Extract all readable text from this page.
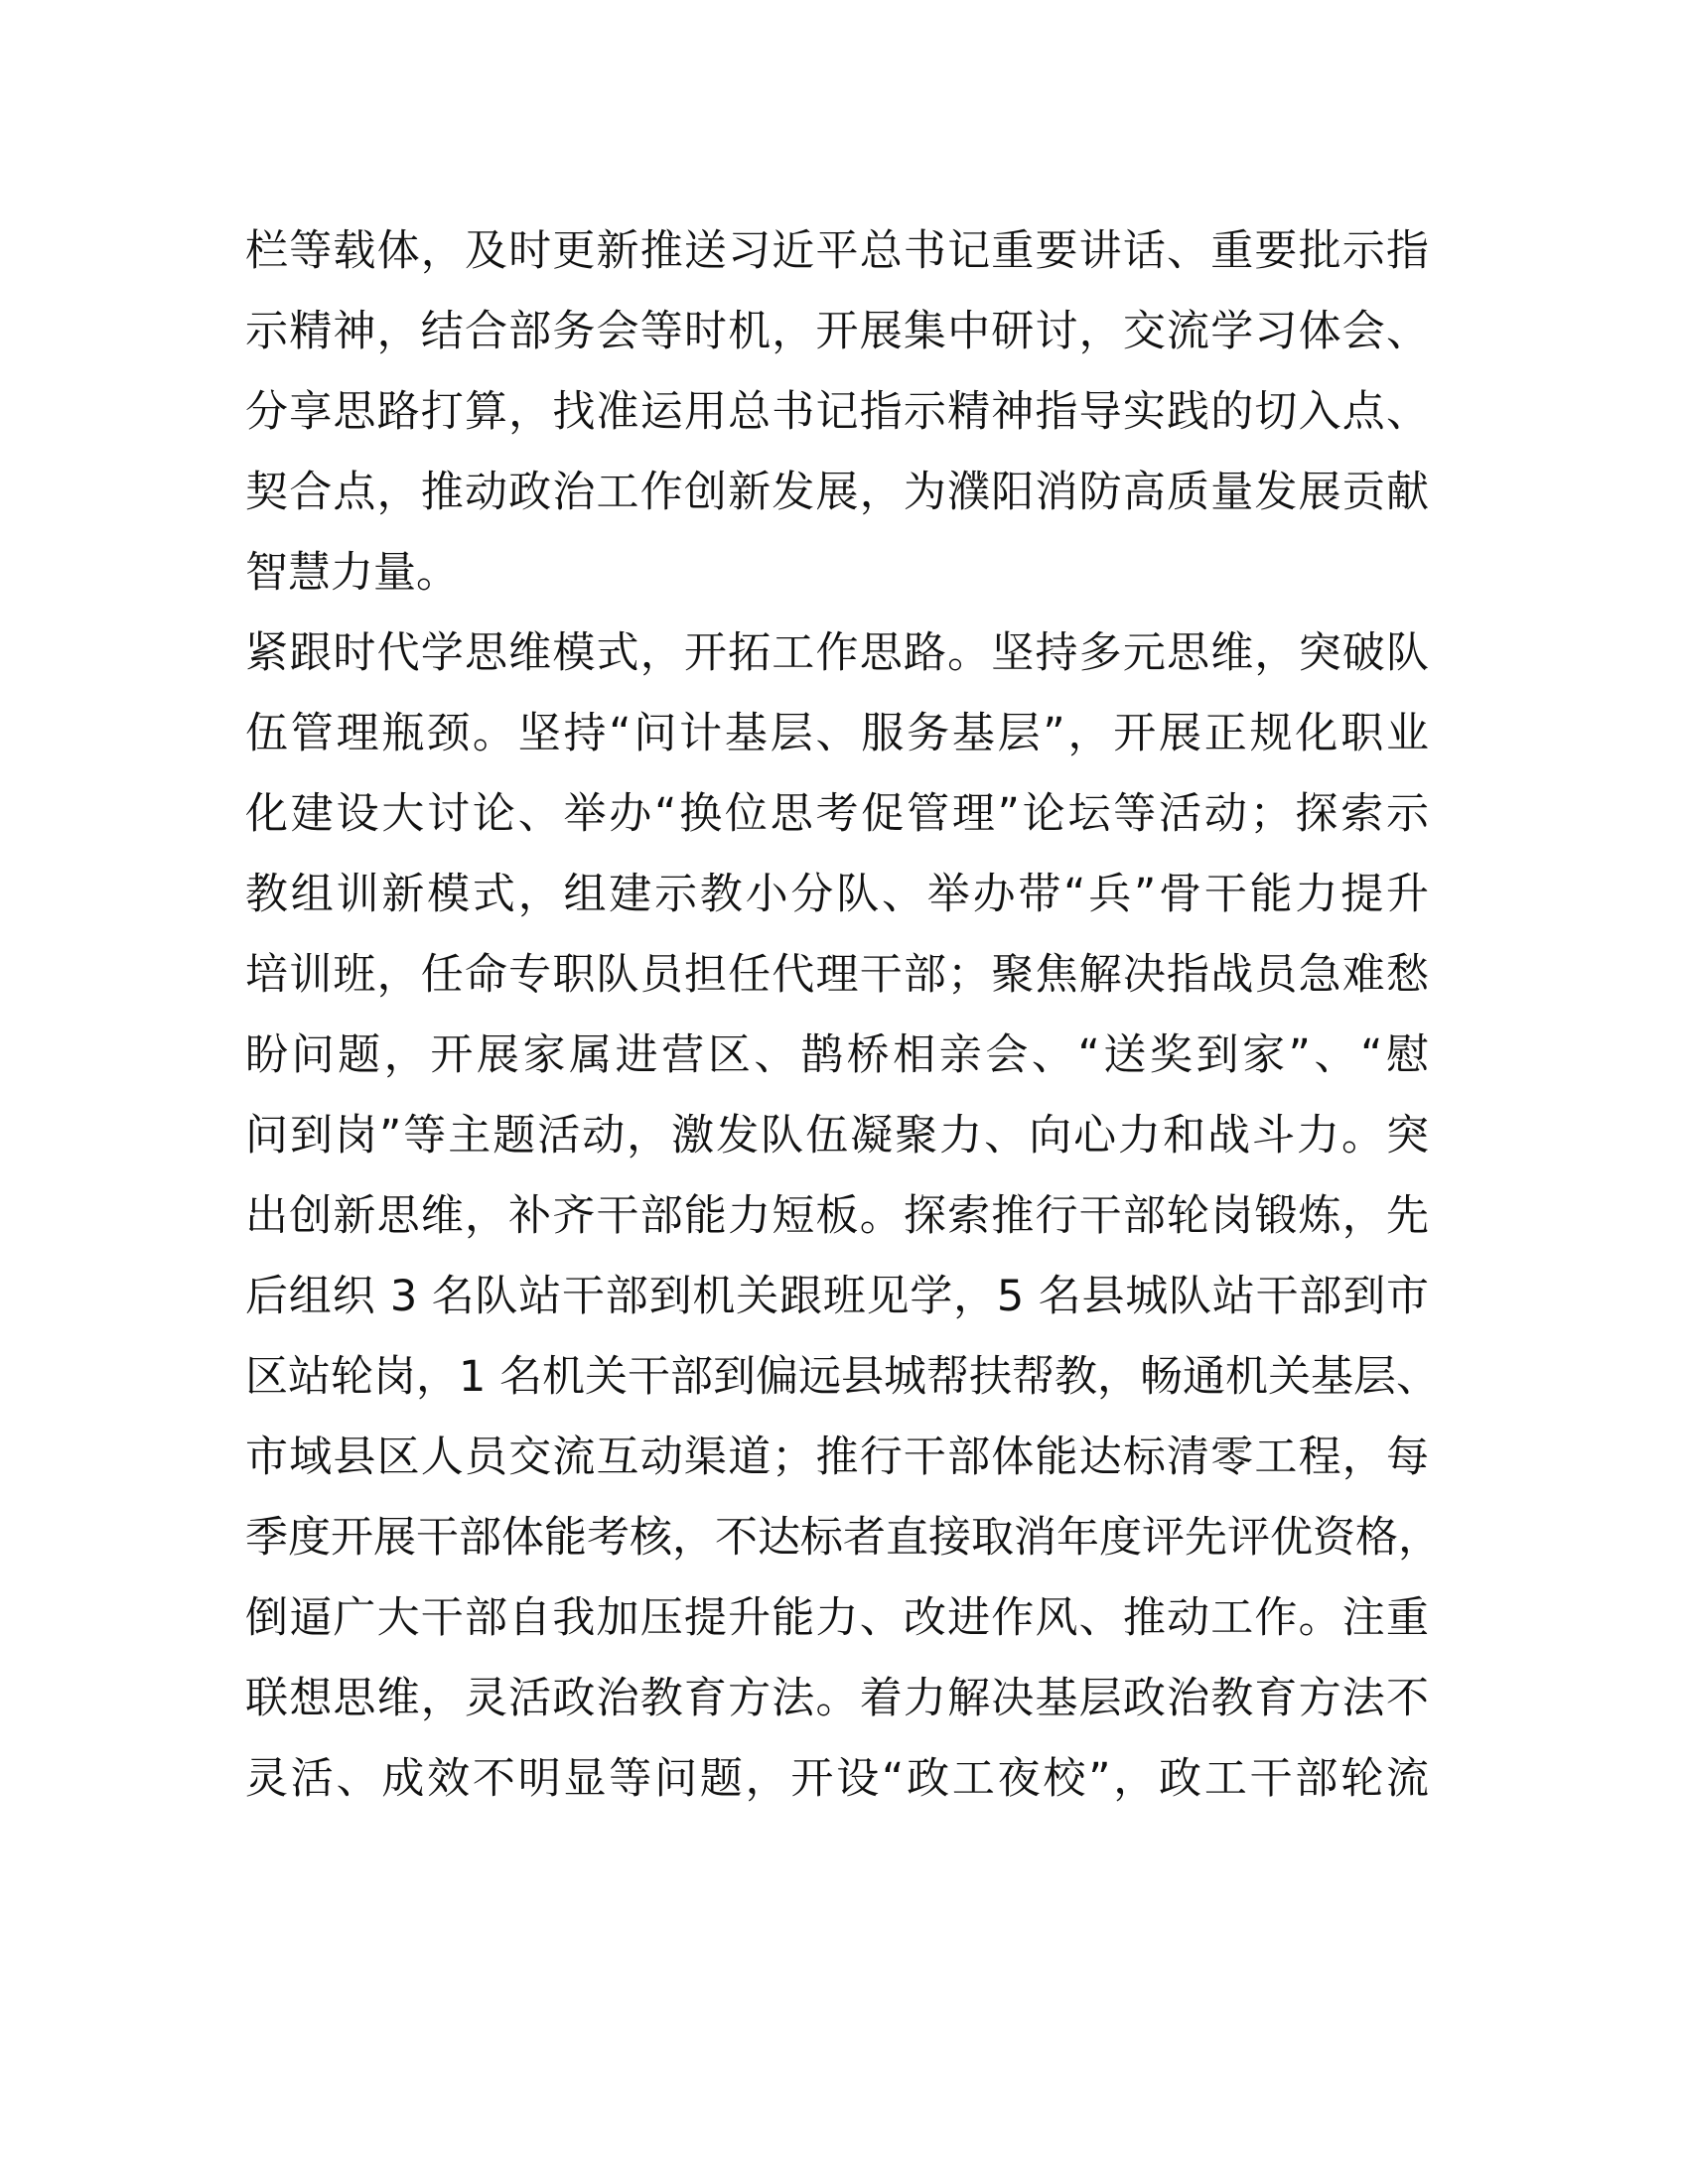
栏等载体，及时更新推送习近平总书记重要讲话、重要批示指
示精神，结合部务会等时机，开展集中研讨，交流学习体会、
分享思路打算，找准运用总书记指示精神指导实践的切入点、
契合点，推动政治工作创新发展，为濮阳消防高质量发展贡献
智慧力量。
紧跟时代学思维模式，开拓工作思路。坚持多元思维，突破队
伍管理瓶颈。坚持“问计基层、服务基层”，开展正规化职业
化建设大讨论、举办“换位思考促管理”论坛等活动；探索示
教组训新模式，组建示教小分队、举办带“兵”骨干能力提升
培训班，任命专职队员担任代理干部；聚焦解决指战员急难愁
盼问题，开展家属进营区、鹊桥相亲会、“送奖到家”、“慰
问到岗”等主题活动，激发队伍凝聚力、向心力和战斗力。突
出创新思维，补齐干部能力短板。探索推行干部轮岗锻炼，先
后组织 3 名队站干部到机关跟班见学，5 名县城队站干部到市
区站轮岗，1 名机关干部到偏远县城帮扶帮教，畅通机关基层、
市域县区人员交流互动渠道；推行干部体能达标清零工程，每
季度开展干部体能考核，不达标者直接取消年度评先评优资格，
倒逼广大干部自我加压提升能力、改进作风、推动工作。注重
联想思维，灵活政治教育方法。着力解决基层政治教育方法不
灵活、成效不明显等问题，开设“政工夜校”，政工干部轮流
